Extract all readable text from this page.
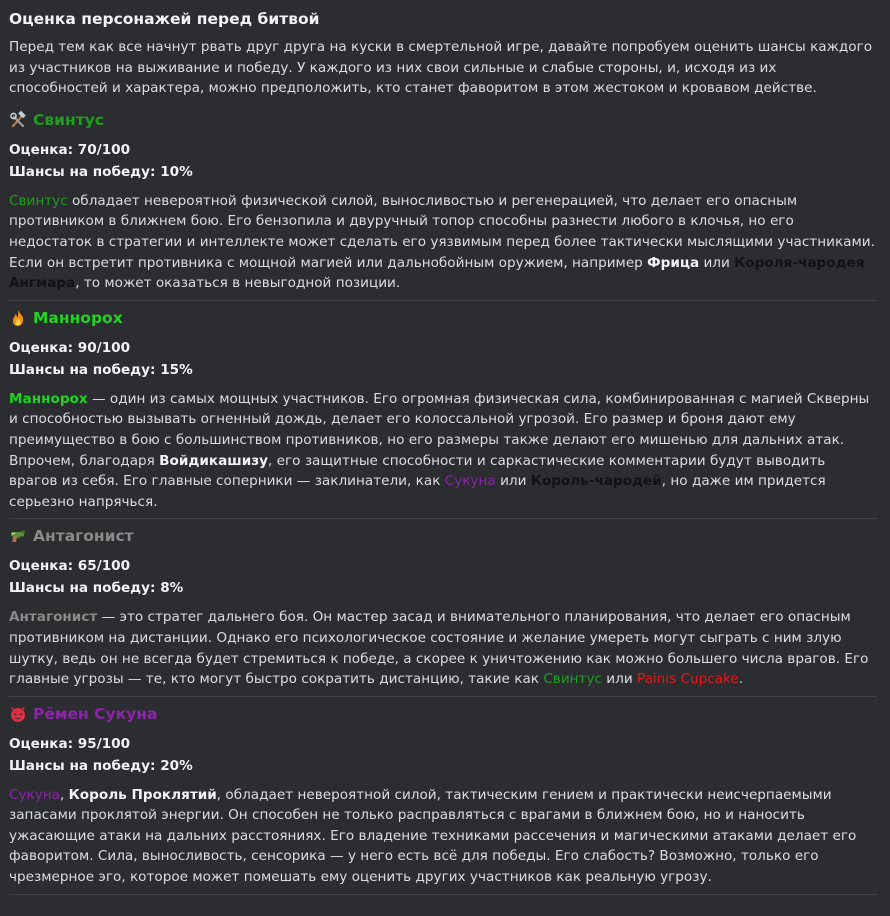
Оценка персонажей перед битвой

Перед тем как все начнут рвать друг друга на куски в смертельной игре, давайте попробуем оценить шансы каждого из участников на выживание и победу. У каждого из них свои сильные и слабые стороны, и, исходя из их способностей и характера, можно предположить, кто станет фаворитом в этом жестоком и кровавом действе.

Свинтус

Оценка: 70/100

Шансы на победу: 10%

Свинтус обладает невероятной физической силой, выносливостью и регенерацией, что делает его опасным противником в ближнем бою. Его бензопила и двуручный топор способны разнести любого в клочья, но его недостаток в стратегии и интеллекте может сделать его уязвимым перед более тактически мыслящими участниками. Если он встретит противника с мощной магией или дальнобойным оружием, например Фрица или Короля-чародея Ангмара, то может оказаться в невыгодной позиции.

Маннорох

Оценка: 90/100

Шансы на победу: 15%

Маннорох — один из самых мощных участников. Его огромная физическая сила, комбинированная с магией Скверны и способностью вызывать огненный дождь, делает его колоссальной угрозой. Его размер и броня дают ему преимущество в бою с большинством противников, но его размеры также делают его мишенью для дальних атак. Впрочем, благодаря Войдикашизу, его защитные способности и саркастические комментарии будут выводить врагов из себя. Его главные соперники — заклинатели, как Сукуна или Король-чародей, но даже им придется серьезно напрячься.

Антагонист

Оценка: 65/100

Шансы на победу: 8%

Антагонист — это стратег дальнего боя. Он мастер засад и внимательного планирования, что делает его опасным противником на дистанции. Однако его психологическое состояние и желание умереть могут сыграть с ним злую шутку, ведь он не всегда будет стремиться к победе, а скорее к уничтожению как можно большего числа врагов. Его главные угрозы — те, кто могут быстро сократить дистанцию, такие как Свинтус или Painis Cupcake.

Рёмен Сукуна

Оценка: 95/100

Шансы на победу: 20%

Сукуна, Король Проклятий, обладает невероятной силой, тактическим гением и практически неисчерпаемыми запасами проклятой энергии. Он способен не только расправляться с врагами в ближнем бою, но и наносить ужасающие атаки на дальних расстояниях. Его владение техниками рассечения и магическими атаками делает его фаворитом. Сила, выносливость, сенсорика — у него есть всё для победы. Его слабость? Возможно, только его чрезмерное эго, которое может помешать ему оценить других участников как реальную угрозу.
